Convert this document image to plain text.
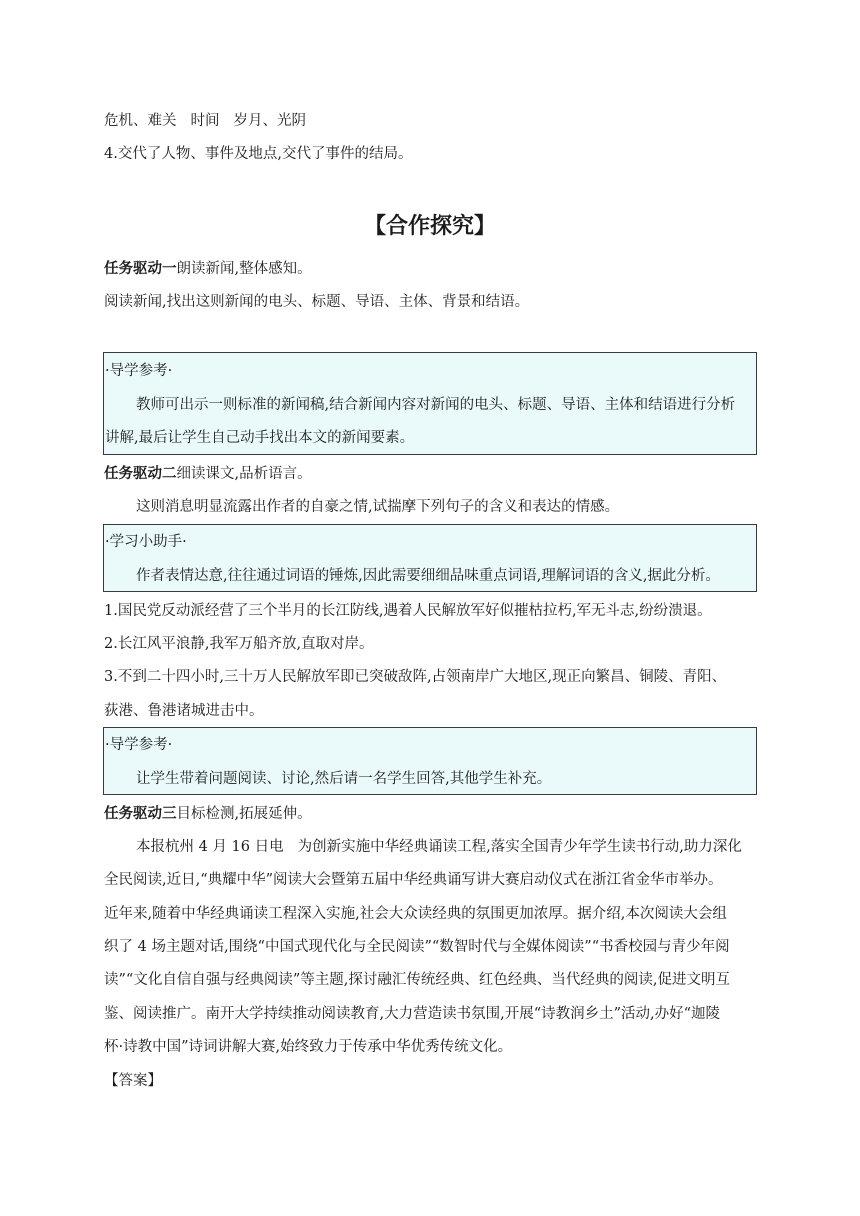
危机、难关 时间 岁月、光阴
4.交代了人物、事件及地点,交代了事件的结局。
【合作探究】
任务驱动一朗读新闻,整体感知。
阅读新闻,找出这则新闻的电头、标题、导语、主体、背景和结语。
·导学参考·
教师可出示一则标准的新闻稿,结合新闻内容对新闻的电头、标题、导语、主体和结语进行分析
讲解,最后让学生自己动手找出本文的新闻要素。
任务驱动二细读课文,品析语言。
这则消息明显流露出作者的自豪之情,试揣摩下列句子的含义和表达的情感。
·学习小助手·
作者表情达意,往往通过词语的锤炼,因此需要细细品味重点词语,理解词语的含义,据此分析。
1.国民党反动派经营了三个半月的长江防线,遇着人民解放军好似摧枯拉朽,军无斗志,纷纷溃退。
2.长江风平浪静,我军万船齐放,直取对岸。
3.不到二十四小时,三十万人民解放军即已突破敌阵,占领南岸广大地区,现正向繁昌、铜陵、青阳、
荻港、鲁港诸城进击中。
·导学参考·
让学生带着问题阅读、讨论,然后请一名学生回答,其他学生补充。
任务驱动三目标检测,拓展延伸。
本报杭州 4 月 16 日电 为创新实施中华经典诵读工程,落实全国青少年学生读书行动,助力深化
全民阅读,近日,“典耀中华”阅读大会暨第五届中华经典诵写讲大赛启动仪式在浙江省金华市举办。
近年来,随着中华经典诵读工程深入实施,社会大众读经典的氛围更加浓厚。据介绍,本次阅读大会组
织了 4 场主题对话,围绕“中国式现代化与全民阅读”“数智时代与全媒体阅读”“书香校园与青少年阅
读”“文化自信自强与经典阅读”等主题,探讨融汇传统经典、红色经典、当代经典的阅读,促进文明互
鉴、阅读推广。南开大学持续推动阅读教育,大力营造读书氛围,开展“诗教润乡土”活动,办好“迦陵
杯·诗教中国”诗词讲解大赛,始终致力于传承中华优秀传统文化。
【答案】
